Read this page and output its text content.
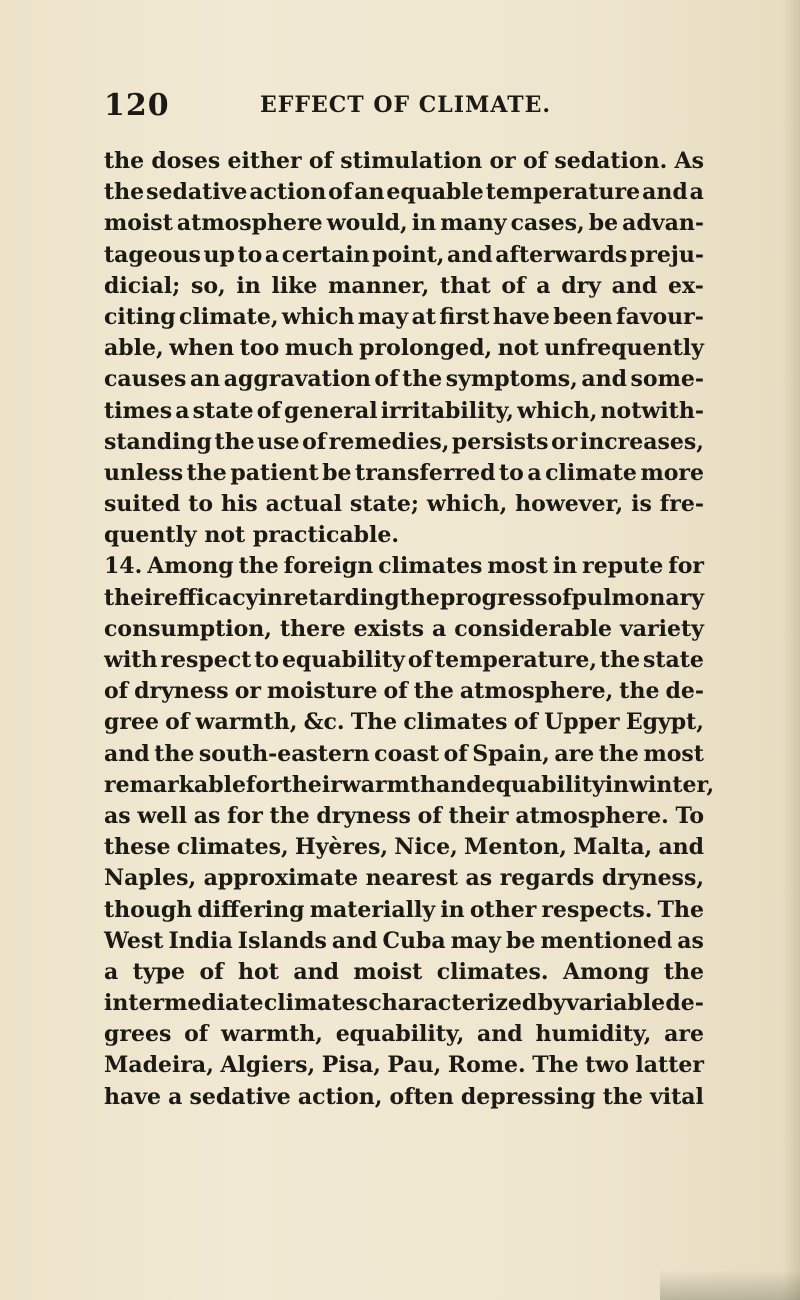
120	EFFECT OF CLIMATE.
the doses either of stimulation or of sedation. As
the sedative action of an equable temperature and a
moist atmosphere would, in many cases, be advan-
tageous up to a certain point, and afterwards preju-
dicial; so, in like manner, that of a dry and ex-
citing climate, which may at first have been favour-
able, when too much prolonged, not unfrequently
causes an aggravation of the symptoms, and some-
times a state of general irritability, which, notwith-
standing the use of remedies, persists or increases,
unless the patient be transferred to a climate more
suited to his actual state; which, however, is fre-
quently not practicable.
14. Among the foreign climates most in repute for
their efficacy in retarding the progress of pulmonary
consumption, there exists a considerable variety
with respect to equability of temperature, the state
of dryness or moisture of the atmosphere, the de-
gree of warmth, &c. The climates of Upper Egypt,
and the south-eastern coast of Spain, are the most
remarkable for their warmth and equability in winter,
as well as for the dryness of their atmosphere. To
these climates, Hyères, Nice, Menton, Malta, and
Naples, approximate nearest as regards dryness,
though differing materially in other respects. The
West India Islands and Cuba may be mentioned as
a type of hot and moist climates. Among the
intermediate climates characterized by variable de-
grees of warmth, equability, and humidity, are
Madeira, Algiers, Pisa, Pau, Rome. The two latter
have a sedative action, often depressing the vital
